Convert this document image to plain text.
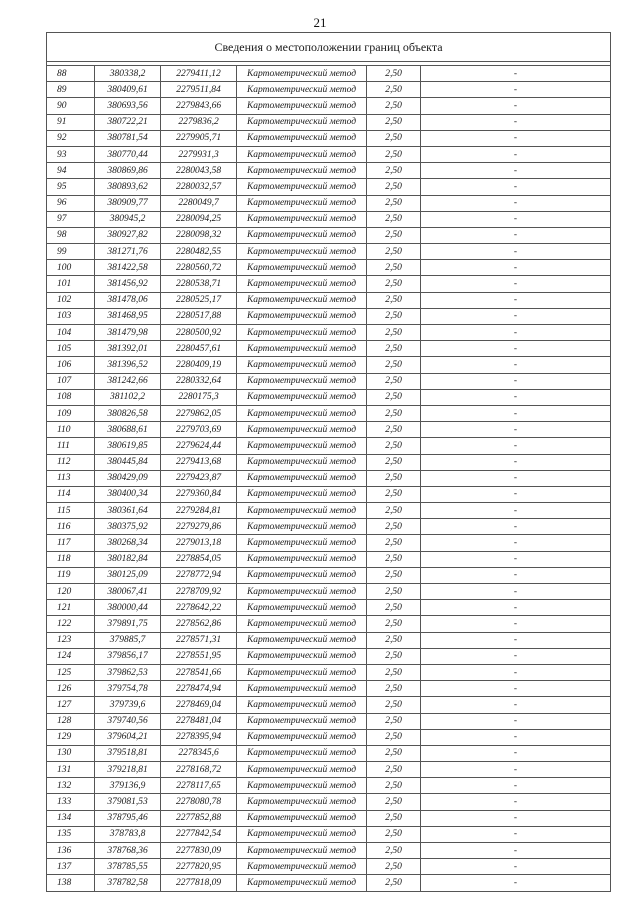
21
Сведения о местоположении границ объекта					

88	380338,2	2279411,12	Картометрический метод	2,50	-
89	380409,61	2279511,84	Картометрический метод	2,50	-
90	380693,56	2279843,66	Картометрический метод	2,50	-
91	380722,21	2279836,2	Картометрический метод	2,50	-
92	380781,54	2279905,71	Картометрический метод	2,50	-
93	380770,44	2279931,3	Картометрический метод	2,50	-
94	380869,86	2280043,58	Картометрический метод	2,50	-
95	380893,62	2280032,57	Картометрический метод	2,50	-
96	380909,77	2280049,7	Картометрический метод	2,50	-
97	380945,2	2280094,25	Картометрический метод	2,50	-
98	380927,82	2280098,32	Картометрический метод	2,50	-
99	381271,76	2280482,55	Картометрический метод	2,50	-
100	381422,58	2280560,72	Картометрический метод	2,50	-
101	381456,92	2280538,71	Картометрический метод	2,50	-
102	381478,06	2280525,17	Картометрический метод	2,50	-
103	381468,95	2280517,88	Картометрический метод	2,50	-
104	381479,98	2280500,92	Картометрический метод	2,50	-
105	381392,01	2280457,61	Картометрический метод	2,50	-
106	381396,52	2280409,19	Картометрический метод	2,50	-
107	381242,66	2280332,64	Картометрический метод	2,50	-
108	381102,2	2280175,3	Картометрический метод	2,50	-
109	380826,58	2279862,05	Картометрический метод	2,50	-
110	380688,61	2279703,69	Картометрический метод	2,50	-
111	380619,85	2279624,44	Картометрический метод	2,50	-
112	380445,84	2279413,68	Картометрический метод	2,50	-
113	380429,09	2279423,87	Картометрический метод	2,50	-
114	380400,34	2279360,84	Картометрический метод	2,50	-
115	380361,64	2279284,81	Картометрический метод	2,50	-
116	380375,92	2279279,86	Картометрический метод	2,50	-
117	380268,34	2279013,18	Картометрический метод	2,50	-
118	380182,84	2278854,05	Картометрический метод	2,50	-
119	380125,09	2278772,94	Картометрический метод	2,50	-
120	380067,41	2278709,92	Картометрический метод	2,50	-
121	380000,44	2278642,22	Картометрический метод	2,50	-
122	379891,75	2278562,86	Картометрический метод	2,50	-
123	379885,7	2278571,31	Картометрический метод	2,50	-
124	379856,17	2278551,95	Картометрический метод	2,50	-
125	379862,53	2278541,66	Картометрический метод	2,50	-
126	379754,78	2278474,94	Картометрический метод	2,50	-
127	379739,6	2278469,04	Картометрический метод	2,50	-
128	379740,56	2278481,04	Картометрический метод	2,50	-
129	379604,21	2278395,94	Картометрический метод	2,50	-
130	379518,81	2278345,6	Картометрический метод	2,50	-
131	379218,81	2278168,72	Картометрический метод	2,50	-
132	379136,9	2278117,65	Картометрический метод	2,50	-
133	379081,53	2278080,78	Картометрический метод	2,50	-
134	378795,46	2277852,88	Картометрический метод	2,50	-
135	378783,8	2277842,54	Картометрический метод	2,50	-
136	378768,36	2277830,09	Картометрический метод	2,50	-
137	378785,55	2277820,95	Картометрический метод	2,50	-
138	378782,58	2277818,09	Картометрический метод	2,50	-
